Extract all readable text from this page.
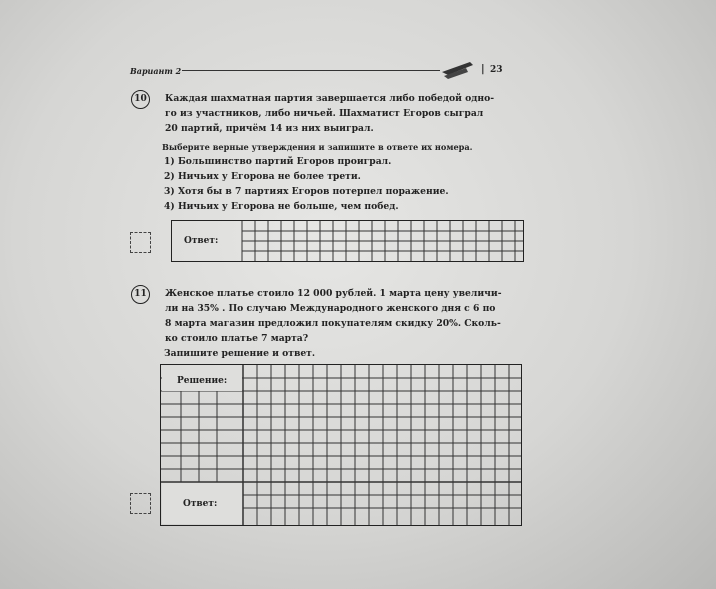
Вариант 2	| 23
10	Каждая шахматная партия завершается либо победой одно-
го из участников, либо ничьей. Шахматист Егоров сыграл
20 партий, причём 14 из них выиграл.
Выберите верные утверждения и запишите в ответе их номера.
1) Большинство партий Егоров проиграл.
2) Ничьих у Егорова не более трети.
3) Хотя бы в 7 партиях Егоров потерпел поражение.
4) Ничьих у Егорова не больше, чем побед.
Ответ:
11	Женское платье стоило 12 000 рублей. 1 марта цену увеличи-
ли на 35% . По случаю Международного женского дня с 6 по
8 марта магазин предложил покупателям скидку 20%. Сколь-
ко стоило платье 7 марта?
Запишите решение и ответ.
Решение:
Ответ:
